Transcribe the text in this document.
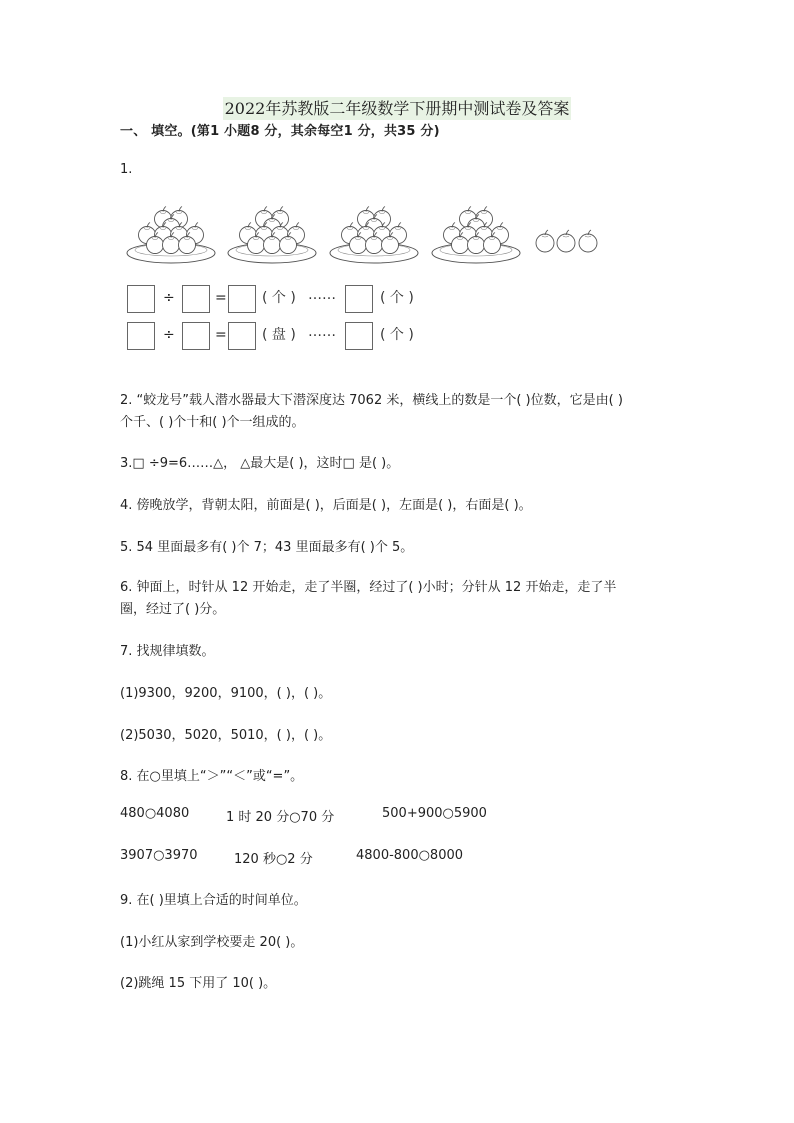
2022年苏教版二年级数学下册期中测试卷及答案
一、 填空。(第1 小题8 分，其余每空1 分，共35 分)
1.
÷	=	( 个 ) ……	( 个 )
÷	=	( 盘 ) ……	( 个 )
2. “蛟龙号”载人潜水器最大下潜深度达 7062 米，横线上的数是一个( )位数，它是由( )
个千、( )个十和( )个一组成的。
3.□ ÷9=6……△， △最大是( )，这时□ 是( )。
4. 傍晚放学，背朝太阳，前面是( )，后面是( )，左面是( )，右面是( )。
5. 54 里面最多有( )个 7；43 里面最多有( )个 5。
6. 钟面上，时针从 12 开始走，走了半圈，经过了( )小时；分针从 12 开始走，走了半
圈，经过了( )分。
7. 找规律填数。
(1)9300，9200，9100，( )，( )。
(2)5030，5020，5010，( )，( )。
8. 在○里填上“＞”“＜”或“=”。
480○4080	1 时 20 分○70 分	500+900○5900
3907○3970	120 秒○2 分	4800-800○8000
9. 在( )里填上合适的时间单位。
(1)小红从家到学校要走 20( )。
(2)跳绳 15 下用了 10( )。
